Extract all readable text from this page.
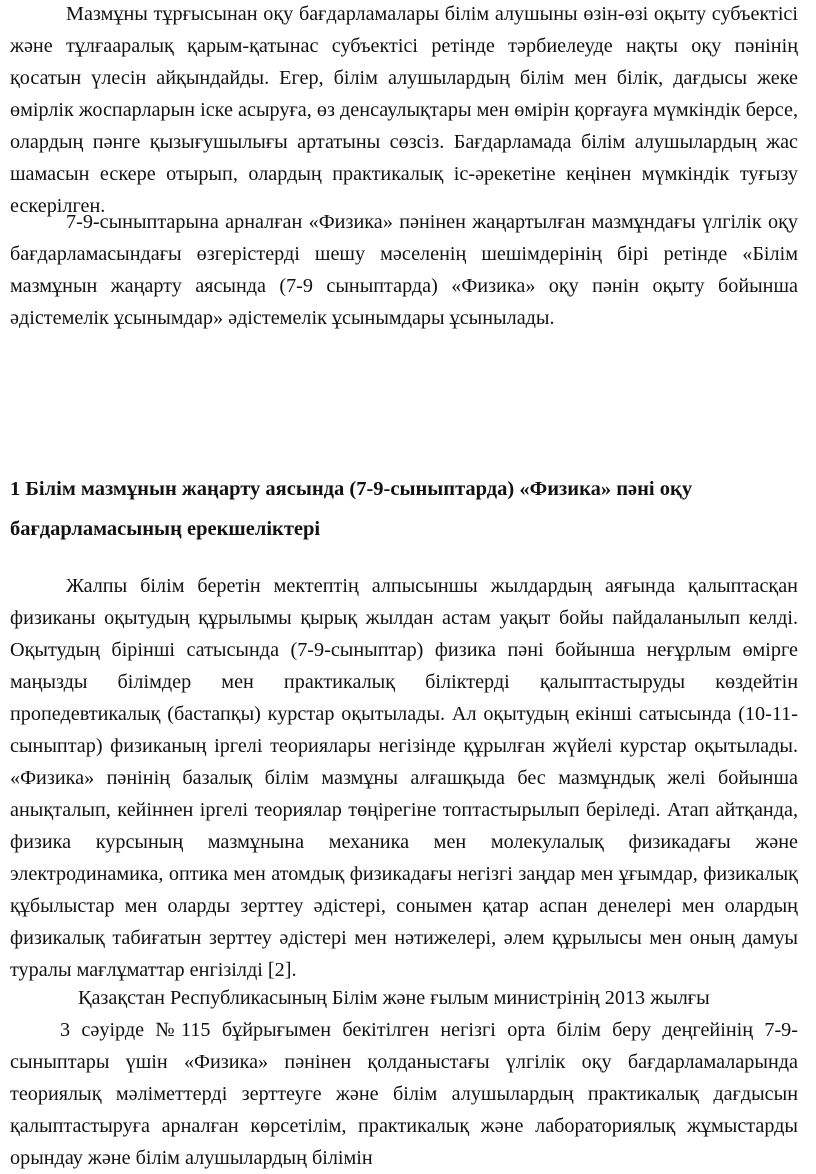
Мазмұны тұрғысынан оқу бағдарламалары білім алушыны өзін-өзі оқыту субъектісі және тұлғааралық қарым-қатынас субъектісі ретінде тәрбиелеуде нақты оқу пәнінің қосатын үлесін айқындайды. Егер, білім алушылардың білім мен білік, дағдысы жеке өмірлік жоспарларын іске асыруға, өз денсаулықтары мен өмірін қорғауға мүмкіндік берсе, олардың пәнге қызығушылығы артатыны сөзсіз. Бағдарламада білім алушылардың жас шамасын ескере отырып, олардың практикалық іс-әрекетіне кеңінен мүмкіндік туғызу ескерілген.

7-9-сыныптарына арналған «Физика» пәнінен жаңартылған мазмұндағы үлгілік оқу бағдарламасындағы өзгерістерді шешу мәселенің шешімдерінің бірі ретінде «Білім мазмұнын жаңарту аясында (7-9 сыныптарда) «Физика» оқу пәнін оқыту бойынша әдістемелік ұсынымдар» әдістемелік ұсынымдары ұсынылады.

1 Білім мазмұнын жаңарту аясында (7-9-сыныптарда) «Физика» пәні оқу бағдарламасының ерекшеліктері

Жалпы білім беретін мектептің алпысыншы жылдардың аяғында қалыптасқан физиканы оқытудың құрылымы қырық жылдан астам уақыт бойы пайдаланылып келді. Оқытудың бірінші сатысында (7-9-сыныптар) физика пәні бойынша неғұрлым өмірге маңызды білімдер мен практикалық біліктерді қалыптастыруды көздейтін пропедевтикалық (бастапқы) курстар оқытылады. Ал оқытудың екінші сатысында (10-11-сыныптар) физиканың іргелі теориялары негізінде құрылған жүйелі курстар оқытылады. «Физика» пәнінің базалық білім мазмұны алғашқыда бес мазмұндық желі бойынша анықталып, кейіннен іргелі теориялар төңірегіне топтастырылып беріледі. Атап айтқанда, физика курсының мазмұнына механика мен молекулалық физикадағы және электродинамика, оптика мен атомдық физикадағы негізгі заңдар мен ұғымдар, физикалық құбылыстар мен оларды зерттеу әдістері, сонымен қатар аспан денелері мен олардың физикалық табиғатын зерттеу әдістері мен нәтижелері, әлем құрылысы мен оның дамуы туралы мағлұматтар енгізілді [2].

Қазақстан Республикасының Білім және ғылым министрінің 2013 жылғы

3 сәуірде №115 бұйрығымен бекітілген негізгі орта білім беру деңгейінің 7-9-сыныптары үшін «Физика» пәнінен қолданыстағы үлгілік оқу бағдарламаларында теориялық мәліметтерді зерттеуге және білім алушылардың практикалық дағдысын қалыптастыруға арналған көрсетілім, практикалық және лабораториялық жұмыстарды орындау және білім алушылардың білімін
